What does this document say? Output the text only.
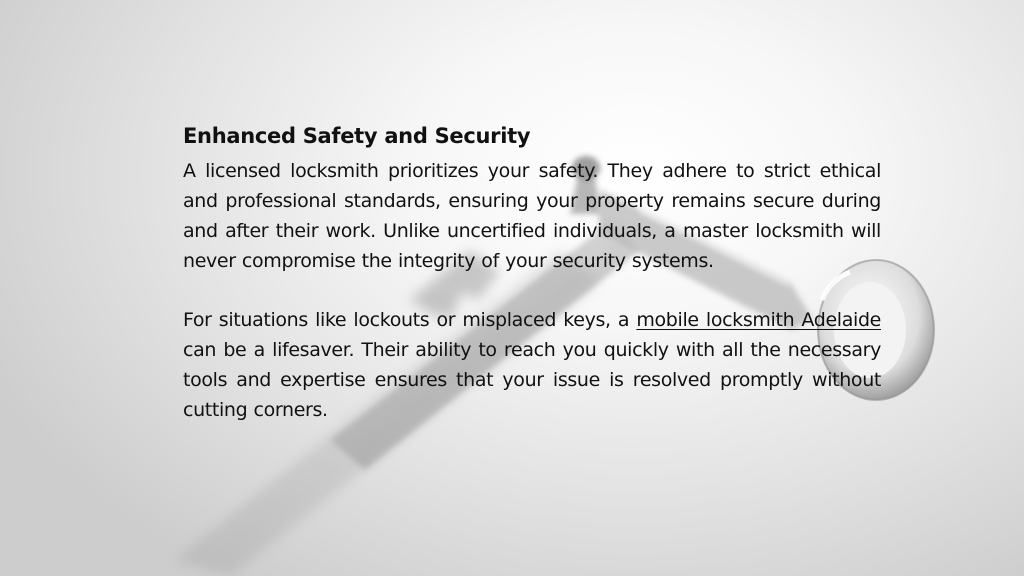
Enhanced Safety and Security

A licensed locksmith prioritizes your safety. They adhere to strict ethical and professional standards, ensuring your property remains secure during and after their work. Unlike uncertified individuals, a master locksmith will never compromise the integrity of your security systems.

For situations like lockouts or misplaced keys, a mobile locksmith Adelaide can be a lifesaver. Their ability to reach you quickly with all the necessary tools and expertise ensures that your issue is resolved promptly without cutting corners.
